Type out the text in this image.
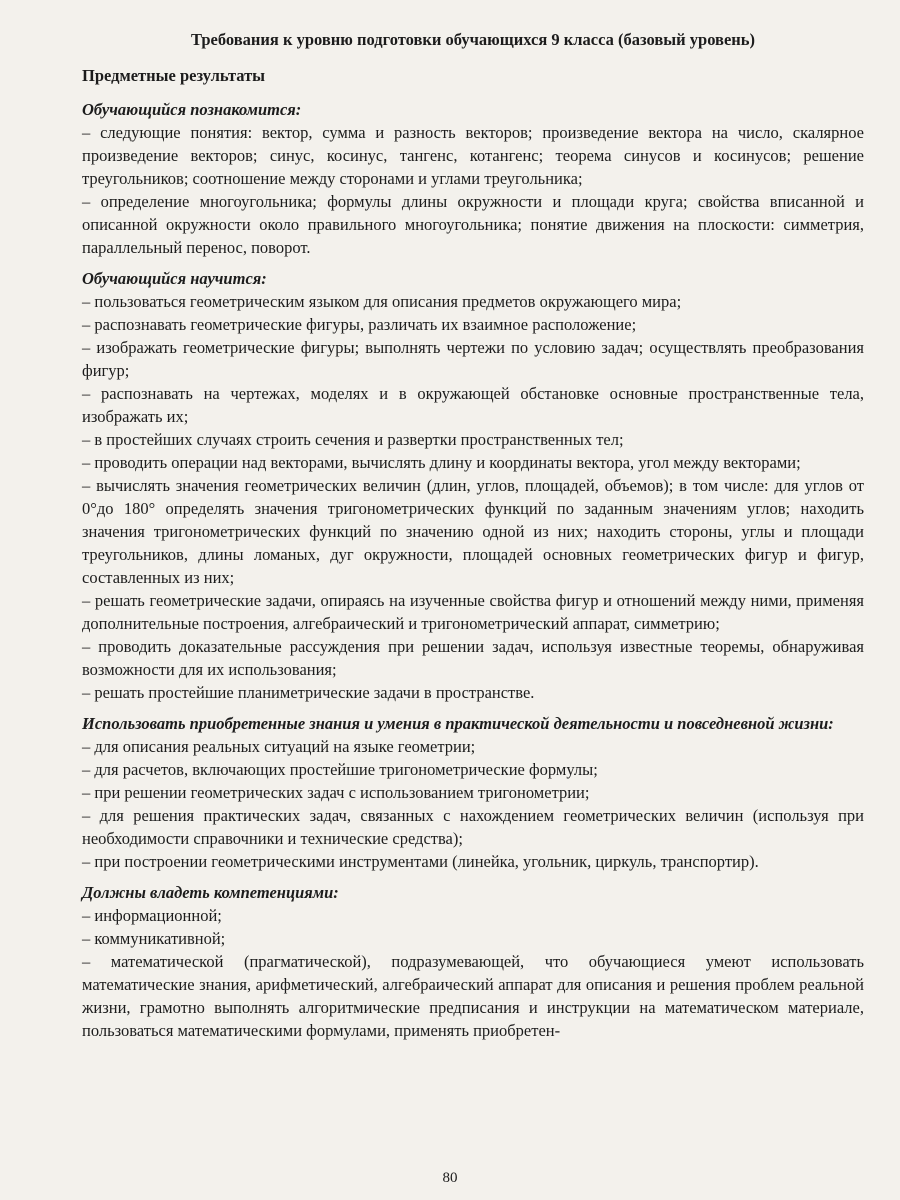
Требования к уровню подготовки обучающихся 9 класса (базовый уровень)
Предметные результаты
Обучающийся познакомится:

– следующие понятия: вектор, сумма и разность векторов; произведение вектора на число, скалярное произведение векторов; синус, косинус, тангенс, котангенс; теорема синусов и косинусов; решение треугольников; соотношение между сторонами и углами треугольника;

– определение многоугольника; формулы длины окружности и площади круга; свойства вписанной и описанной окружности около правильного многоугольника; понятие движения на плоскости: симметрия, параллельный перенос, поворот.

Обучающийся научится:

– пользоваться геометрическим языком для описания предметов окружающего мира;

– распознавать геометрические фигуры, различать их взаимное расположение;

– изображать геометрические фигуры; выполнять чертежи по условию задач; осуществлять преобразования фигур;

– распознавать на чертежах, моделях и в окружающей обстановке основные пространственные тела, изображать их;

– в простейших случаях строить сечения и развертки пространственных тел;

– проводить операции над векторами, вычислять длину и координаты вектора, угол между векторами;

– вычислять значения геометрических величин (длин, углов, площадей, объемов); в том числе: для углов от 0°до 180° определять значения тригонометрических функций по заданным значениям углов; находить значения тригонометрических функций по значению одной из них; находить стороны, углы и площади треугольников, длины ломаных, дуг окружности, площадей основных геометрических фигур и фигур, составленных из них;

– решать геометрические задачи, опираясь на изученные свойства фигур и отношений между ними, применяя дополнительные построения, алгебраический и тригонометрический аппарат, симметрию;

– проводить доказательные рассуждения при решении задач, используя известные теоремы, обнаруживая возможности для их использования;

– решать простейшие планиметрические задачи в пространстве.

Использовать приобретенные знания и умения в практической деятельности и повседневной жизни:

– для описания реальных ситуаций на языке геометрии;

– для расчетов, включающих простейшие тригонометрические формулы;

– при решении геометрических задач с использованием тригонометрии;

– для решения практических задач, связанных с нахождением геометрических величин (используя при необходимости справочники и технические средства);

– при построении геометрическими инструментами (линейка, угольник, циркуль, транспортир).

Должны владеть компетенциями:

– информационной;

– коммуникативной;

– математической (прагматической), подразумевающей, что обучающиеся умеют использовать математические знания, арифметический, алгебраический аппарат для описания и решения проблем реальной жизни, грамотно выполнять алгоритмические предписания и инструкции на математическом материале, пользоваться математическими формулами, применять приобретен-

80
